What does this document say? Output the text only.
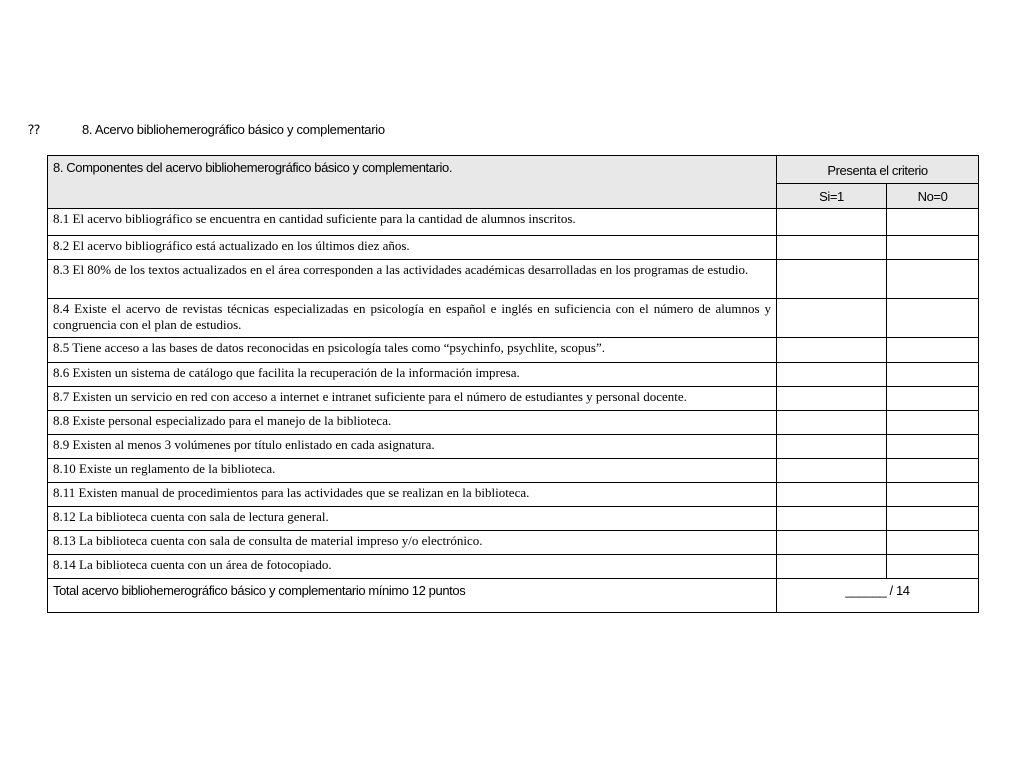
⁇	8. Acervo bibliohemerográfico básico y complementario
8. Componentes del acervo bibliohemerográfico básico y complementario.	Presenta el criterio	
	Si=1	No=0
8.1 El acervo bibliográfico se encuentra en cantidad suficiente para la cantidad de alumnos inscritos.		
8.2 El acervo bibliográfico está actualizado en los últimos diez años.		
8.3 El 80% de los textos actualizados en el área corresponden a las actividades académicas desarrolladas en los programas de estudio.		
8.4 Existe el acervo de revistas técnicas especializadas en psicología en español e inglés en suficiencia con el número de alumnos y congruencia con el plan de estudios.		
8.5 Tiene acceso a las bases de datos reconocidas en psicología tales como “psychinfo, psychlite, scopus”.		
8.6 Existen un sistema de catálogo que facilita la recuperación de la información impresa.		
8.7 Existen un servicio en red con acceso a internet e intranet suficiente para el número de estudiantes y personal docente.		
8.8 Existe personal especializado para el manejo de la biblioteca.		
8.9 Existen al menos 3 volúmenes por título enlistado en cada asignatura.		
8.10 Existe un reglamento de la biblioteca.		
8.11 Existen manual de procedimientos para las actividades que se realizan en la biblioteca.		
8.12 La biblioteca cuenta con sala de lectura general.		
8.13 La biblioteca cuenta con sala de consulta de material impreso y/o electrónico.		
8.14 La biblioteca cuenta con un área de fotocopiado.		
Total acervo bibliohemerográfico básico y complementario mínimo 12 puntos	______ / 14	
